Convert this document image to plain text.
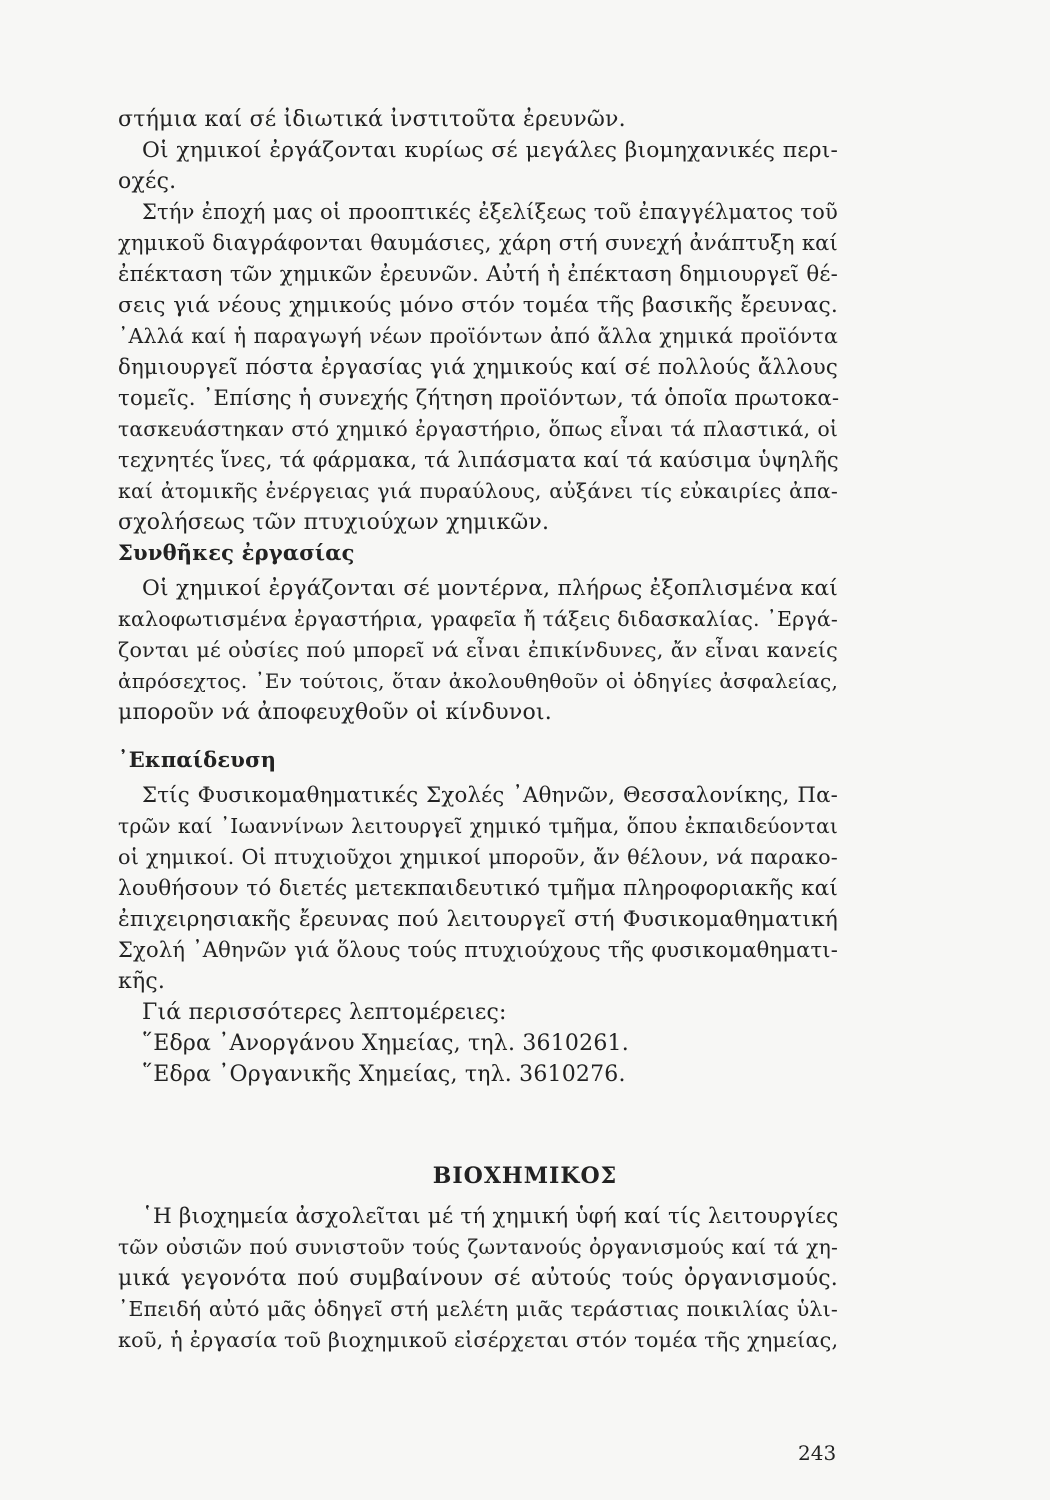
στήμια καί σέ ἰδιωτικά ἰνστιτοῦτα ἐρευνῶν.
Οἱ χημικοί ἐργάζονται κυρίως σέ μεγάλες βιομηχανικές περι-
οχές.
Στήν ἐποχή μας οἱ προοπτικές ἐξελίξεως τοῦ ἐπαγγέλματος τοῦ
χημικοῦ διαγράφονται θαυμάσιες, χάρη στή συνεχή ἀνάπτυξη καί
ἐπέκταση τῶν χημικῶν ἐρευνῶν. Αὐτή ἡ ἐπέκταση δημιουργεῖ θέ-
σεις γιά νέους χημικούς μόνο στόν τομέα τῆς βασικῆς ἔρευνας.
᾿Αλλά καί ἡ παραγωγή νέων προϊόντων ἀπό ἄλλα χημικά προϊόντα
δημιουργεῖ πόστα ἐργασίας γιά χημικούς καί σέ πολλούς ἄλλους
τομεῖς. ᾿Επίσης ἡ συνεχής ζήτηση προϊόντων, τά ὁποῖα πρωτοκα-
τασκευάστηκαν στό χημικό ἐργαστήριο, ὅπως εἶναι τά πλαστικά, οἱ
τεχνητές ἵνες, τά φάρμακα, τά λιπάσματα καί τά καύσιμα ὑψηλῆς
καί ἀτομικῆς ἐνέργειας γιά πυραύλους, αὐξάνει τίς εὐκαιρίες ἀπα-
σχολήσεως τῶν πτυχιούχων χημικῶν.
Συνθῆκες ἐργασίας
Οἱ χημικοί ἐργάζονται σέ μοντέρνα, πλήρως ἐξοπλισμένα καί
καλοφωτισμένα ἐργαστήρια, γραφεῖα ἤ τάξεις διδασκαλίας. ᾿Εργά-
ζονται μέ οὐσίες πού μπορεῖ νά εἶναι ἐπικίνδυνες, ἄν εἶναι κανείς
ἀπρόσεχτος. ᾿Εν τούτοις, ὅταν ἀκολουθηθοῦν οἱ ὁδηγίες ἀσφαλείας,
μποροῦν νά ἀποφευχθοῦν οἱ κίνδυνοι.
᾿Εκπαίδευση
Στίς Φυσικομαθηματικές Σχολές ᾿Αθηνῶν, Θεσσαλονίκης, Πα-
τρῶν καί ᾿Ιωαννίνων λειτουργεῖ χημικό τμῆμα, ὅπου ἐκπαιδεύονται
οἱ χημικοί. Οἱ πτυχιοῦχοι χημικοί μποροῦν, ἄν θέλουν, νά παρακο-
λουθήσουν τό διετές μετεκπαιδευτικό τμῆμα πληροφοριακῆς καί
ἐπιχειρησιακῆς ἔρευνας πού λειτουργεῖ στή Φυσικομαθηματική
Σχολή ᾿Αθηνῶν γιά ὅλους τούς πτυχιούχους τῆς φυσικομαθηματι-
κῆς.
Γιά περισσότερες λεπτομέρειες:
῞Εδρα ᾿Ανοργάνου Χημείας, τηλ. 3610261.
῞Εδρα ᾿Οργανικῆς Χημείας, τηλ. 3610276.
ΒΙΟΧΗΜΙΚΟΣ
῾Η βιοχημεία ἀσχολεῖται μέ τή χημική ὑφή καί τίς λειτουργίες
τῶν οὐσιῶν πού συνιστοῦν τούς ζωντανούς ὀργανισμούς καί τά χη-
μικά γεγονότα πού συμβαίνουν σέ αὐτούς τούς ὀργανισμούς.
᾿Επειδή αὐτό μᾶς ὁδηγεῖ στή μελέτη μιᾶς τεράστιας ποικιλίας ὑλι-
κοῦ, ἡ ἐργασία τοῦ βιοχημικοῦ εἰσέρχεται στόν τομέα τῆς χημείας,
243
